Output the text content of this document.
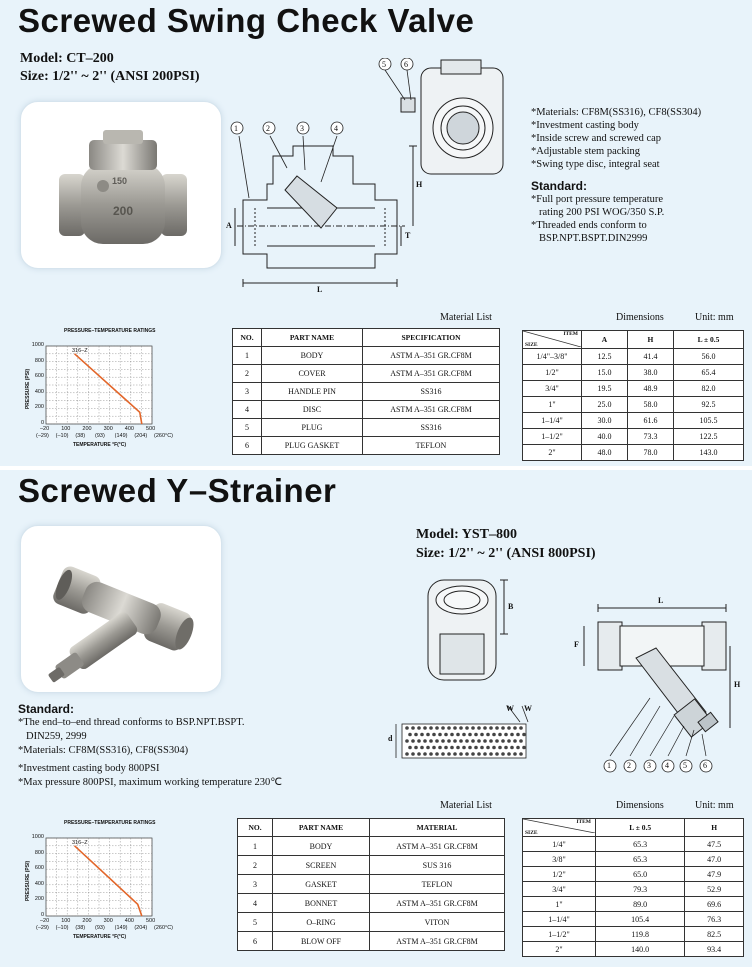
Screwed Swing Check Valve
Model: CT–200
Size: 1/2'' ~ 2'' (ANSI 200PSI)
150
200
1	2	3	4
5 6
H
A
T
L
*Materials: CF8M(SS316), CF8(SS304)
*Investment casting body
*Inside screw and screwed cap
*Adjustable stem packing
*Swing type disc, integral seat
Standard:
*Full port pressure temperature
rating 200 PSI WOG/350 S.P.
*Threaded ends conform to
BSP.NPT.BSPT.DIN2999
PRESSURE–TEMPERATURE RATINGS
PRESSURE (PSI)
TEMPERATURE °F(°C)
316–Z
1000
800
600
400
200
0
–20 100 200 300 400 500
(–29) (–10) (38) (93) (149) (204) (260°C)
Material List
NO.	PART NAME	SPECIFICATION
1	BODY	ASTM A–351 GR.CF8M
2	COVER	ASTM A–351 GR.CF8M
3	HANDLE PIN	SS316
4	DISC	ASTM A–351 GR.CF8M
5	PLUG	SS316
6	PLUG GASKET	TEFLON
Dimensions	Unit: mm
ITEM
SIZE	A	H	L ± 0.5
1/4"–3/8"	12.5	41.4	56.0
1/2"	15.0	38.0	65.4
3/4"	19.5	48.9	82.0
1"	25.0	58.0	92.5
1–1/4"	30.0	61.6	105.5
1–1/2"	40.0	73.3	122.5
2"	48.0	78.0	143.0
Screwed Y–Strainer
Model: YST–800
Size: 1/2'' ~ 2'' (ANSI 800PSI)
1 2 3 4 5 6
L
H
F
B
d
W W
Standard:
*The end–to–end thread conforms to BSP.NPT.BSPT.
DIN259, 2999
*Materials: CF8M(SS316), CF8(SS304)
*Investment casting body 800PSI
*Max pressure 800PSI, maximum working temperature 230℃
PRESSURE–TEMPERATURE RATINGS
PRESSURE (PSI)
TEMPERATURE °F(°C)
316–Z
1000
800
600
400
200
0
–20 100 200 300 400 500
(–29) (–10) (38) (93) (149) (204) (260°C)
Material List
NO.	PART NAME	MATERIAL
1	BODY	ASTM A–351 GR.CF8M
2	SCREEN	SUS 316
3	GASKET	TEFLON
4	BONNET	ASTM A–351 GR.CF8M
5	O–RING	VITON
6	BLOW OFF	ASTM A–351 GR.CF8M
Dimensions	Unit: mm
ITEM
SIZE	L ± 0.5	H
1/4"	65.3	47.5
3/8"	65.3	47.0
1/2"	65.0	47.9
3/4"	79.3	52.9
1"	89.0	69.6
1–1/4"	105.4	76.3
1–1/2"	119.8	82.5
2"	140.0	93.4
